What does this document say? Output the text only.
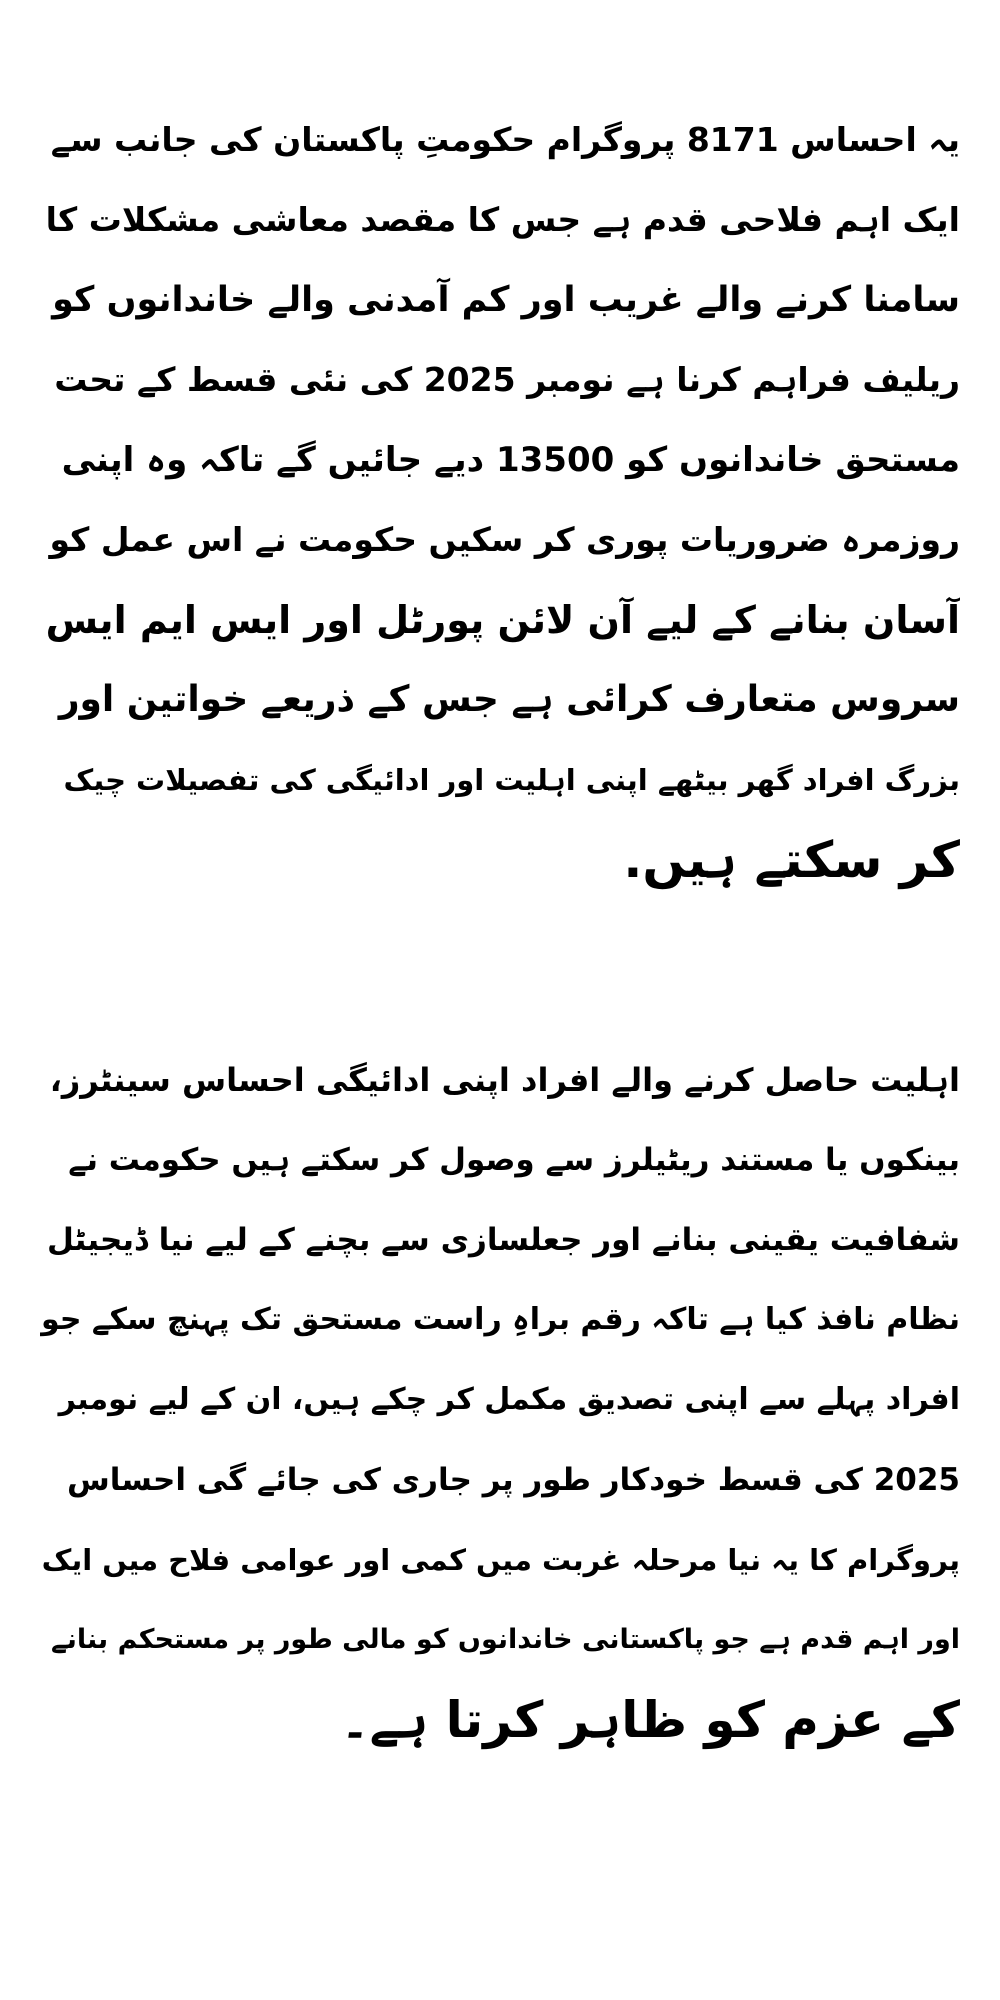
یہ احساس 8171 پروگرام حکومتِ پاکستان کی جانب سے
ایک اہم فلاحی قدم ہے جس کا مقصد معاشی مشکلات کا
سامنا کرنے والے غریب اور کم آمدنی والے خاندانوں کو
ریلیف فراہم کرنا ہے نومبر 2025 کی نئی قسط کے تحت
مستحق خاندانوں کو 13500 دیے جائیں گے تاکہ وہ اپنی
روزمرہ ضروریات پوری کر سکیں حکومت نے اس عمل کو
آسان بنانے کے لیے آن لائن پورٹل اور ایس ایم ایس
سروس متعارف کرائی ہے جس کے ذریعے خواتین اور
بزرگ افراد گھر بیٹھے اپنی اہلیت اور ادائیگی کی تفصیلات چیک
کر سکتے ہیں.
اہلیت حاصل کرنے والے افراد اپنی ادائیگی احساس سینٹرز،
بینکوں یا مستند ریٹیلرز سے وصول کر سکتے ہیں حکومت نے
شفافیت یقینی بنانے اور جعلسازی سے بچنے کے لیے نیا ڈیجیٹل
نظام نافذ کیا ہے تاکہ رقم براہِ راست مستحق تک پہنچ سکے جو
افراد پہلے سے اپنی تصدیق مکمل کر چکے ہیں، ان کے لیے نومبر
2025 کی قسط خودکار طور پر جاری کی جائے گی احساس
پروگرام کا یہ نیا مرحلہ غربت میں کمی اور عوامی فلاح میں ایک
اور اہم قدم ہے جو پاکستانی خاندانوں کو مالی طور پر مستحکم بنانے
کے عزم کو ظاہر کرتا ہے۔
